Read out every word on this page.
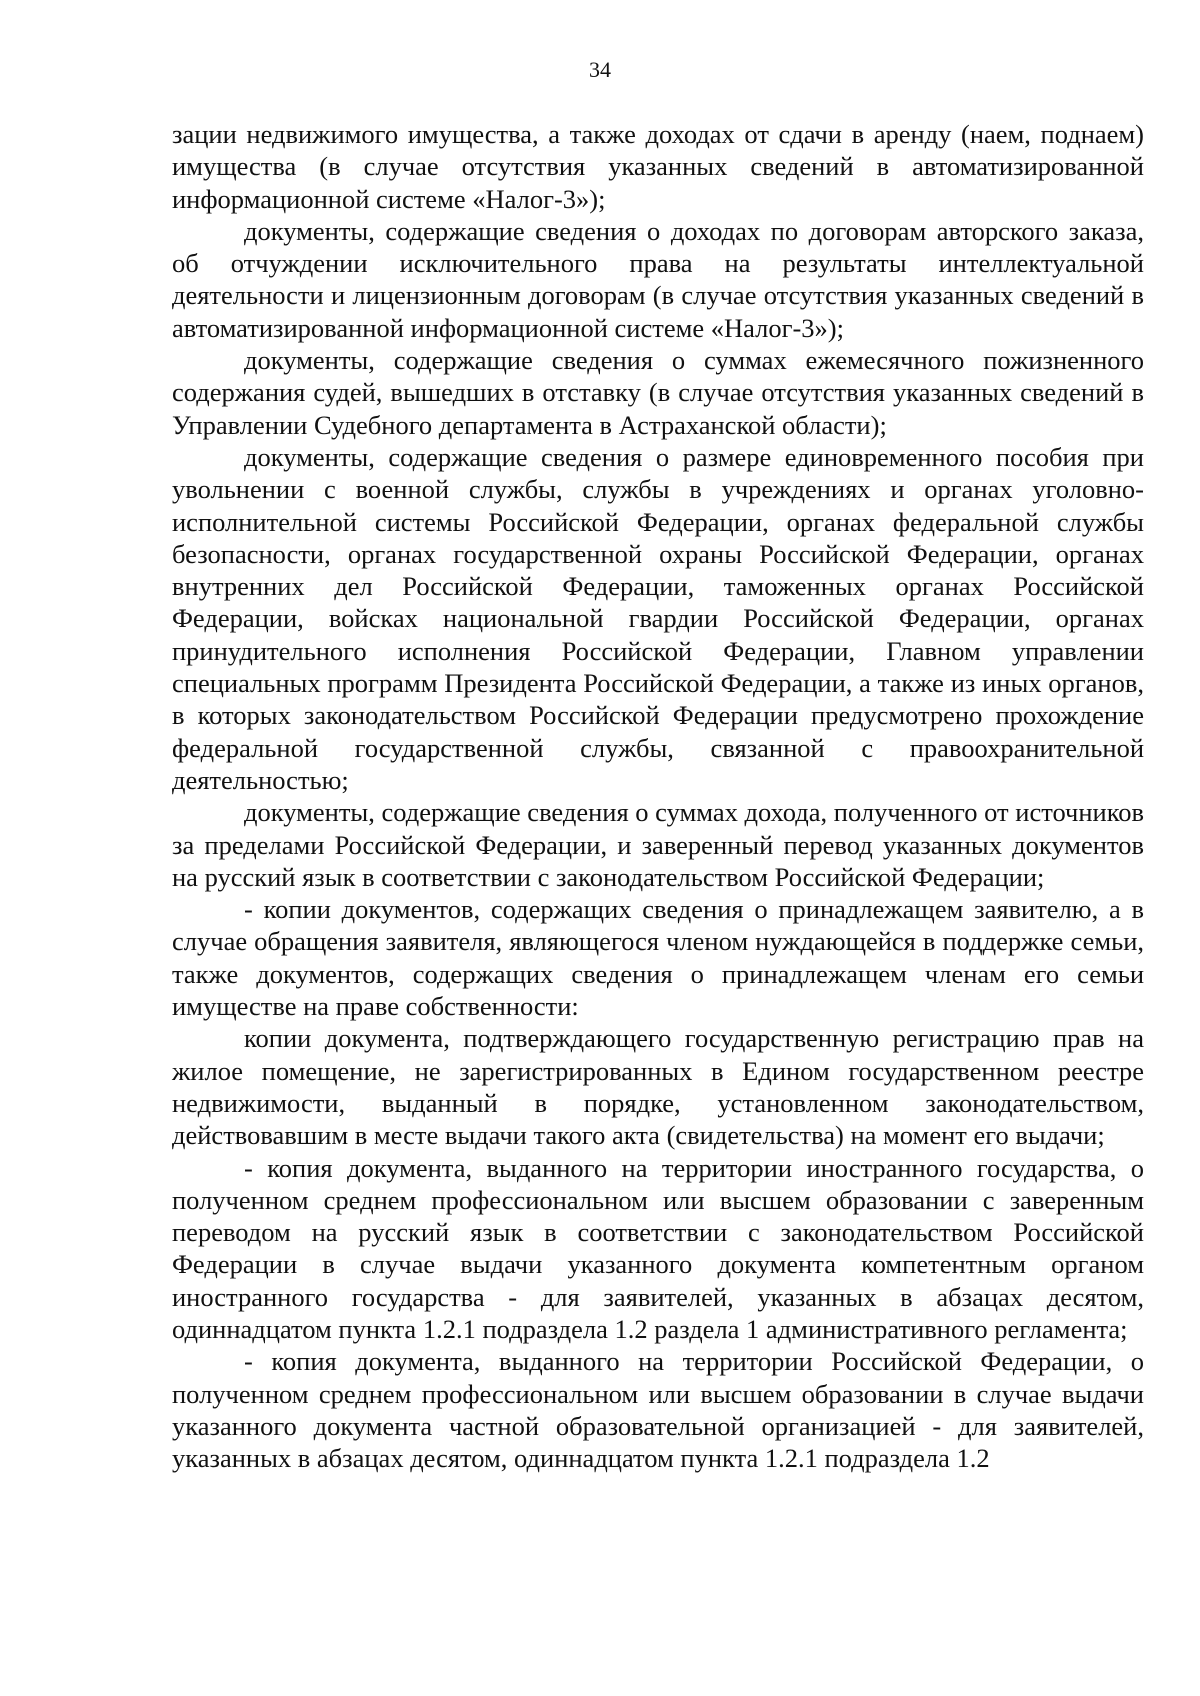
34

зации недвижимого имущества, а также доходах от сдачи в аренду (наем, поднаем) имущества (в случае отсутствия указанных сведений в автоматизированной информационной системе «Налог-3»);

документы, содержащие сведения о доходах по договорам авторского заказа, об отчуждении исключительного права на результаты интеллектуальной деятельности и лицензионным договорам (в случае отсутствия указанных сведений в автоматизированной информационной системе «Налог-3»);

документы, содержащие сведения о суммах ежемесячного пожизненного содержания судей, вышедших в отставку (в случае отсутствия указанных сведений в Управлении Судебного департамента в Астраханской области);

документы, содержащие сведения о размере единовременного пособия при увольнении с военной службы, службы в учреждениях и органах уголовно-исполнительной системы Российской Федерации, органах федеральной службы безопасности, органах государственной охраны Российской Федерации, органах внутренних дел Российской Федерации, таможенных органах Российской Федерации, войсках национальной гвардии Российской Федерации, органах принудительного исполнения Российской Федерации, Главном управлении специальных программ Президента Российской Федерации, а также из иных органов, в которых законодательством Российской Федерации предусмотрено прохождение федеральной государственной службы, связанной с правоохранительной деятельностью;

документы, содержащие сведения о суммах дохода, полученного от источников за пределами Российской Федерации, и заверенный перевод указанных документов на русский язык в соответствии с законодательством Российской Федерации;

- копии документов, содержащих сведения о принадлежащем заявителю, а в случае обращения заявителя, являющегося членом нуждающейся в поддержке семьи, также документов, содержащих сведения о принадлежащем членам его семьи имуществе на праве собственности:

копии документа, подтверждающего государственную регистрацию прав на жилое помещение, не зарегистрированных в Едином государственном реестре недвижимости, выданный в порядке, установленном законодательством, действовавшим в месте выдачи такого акта (свидетельства) на момент его выдачи;

- копия документа, выданного на территории иностранного государства, о полученном среднем профессиональном или высшем образовании с заверенным переводом на русский язык в соответствии с законодательством Российской Федерации в случае выдачи указанного документа компетентным органом иностранного государства - для заявителей, указанных в абзацах десятом, одиннадцатом пункта 1.2.1 подраздела 1.2 раздела 1 административного регламента;

- копия документа, выданного на территории Российской Федерации, о полученном среднем профессиональном или высшем образовании в случае выдачи указанного документа частной образовательной организацией - для заявителей, указанных в абзацах десятом, одиннадцатом пункта 1.2.1 подраздела 1.2
